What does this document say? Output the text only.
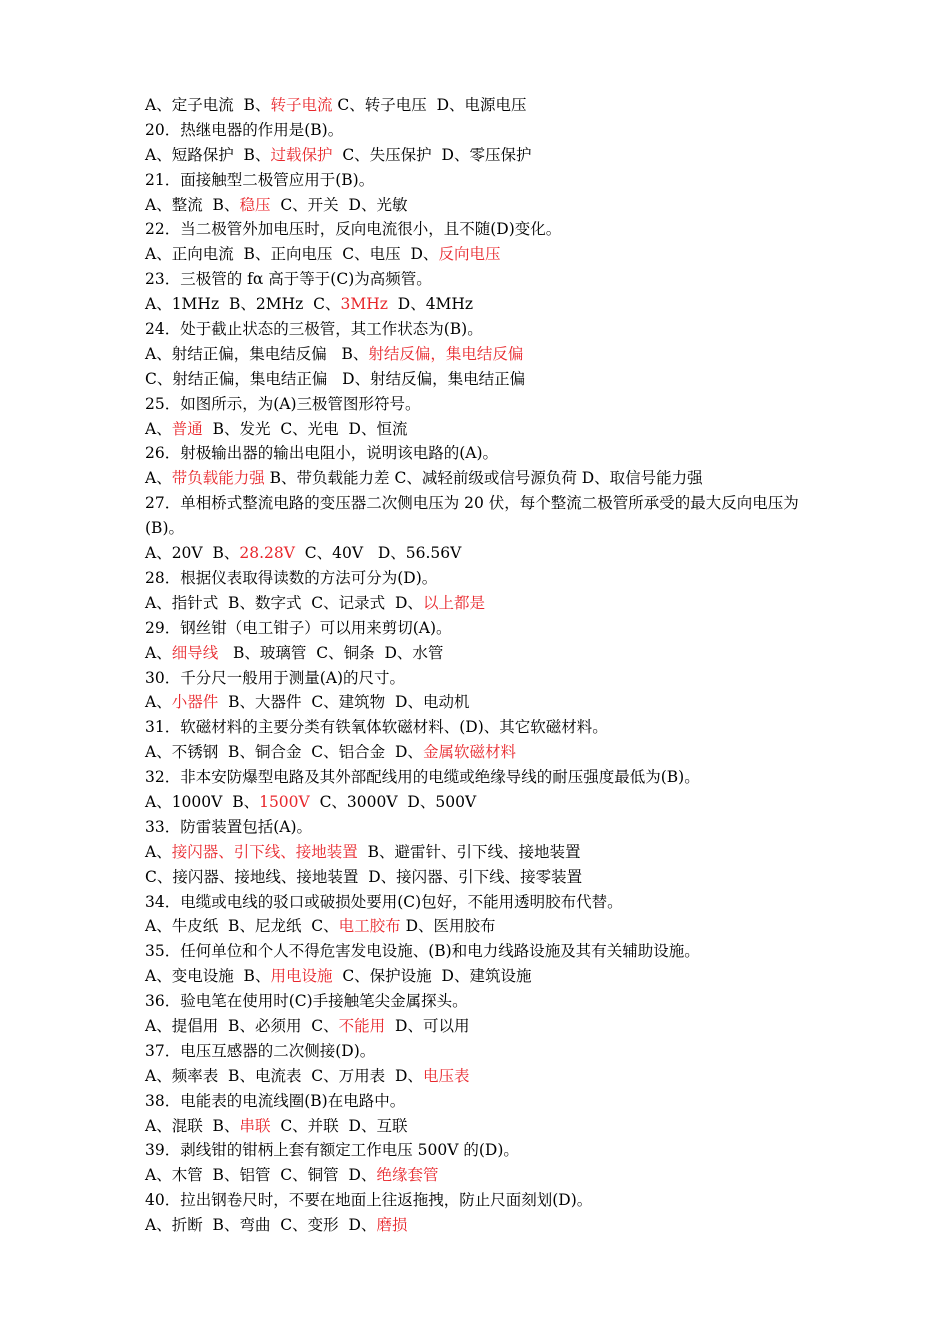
A、定子电流  B、转子电流 C、转子电压  D、电源电压
20．热继电器的作用是(B)。
A、短路保护  B、过载保护  C、失压保护  D、零压保护
21．面接触型二极管应用于(B)。
A、整流  B、稳压  C、开关  D、光敏
22．当二极管外加电压时，反向电流很小，且不随(D)变化。
A、正向电流  B、正向电压  C、电压  D、反向电压
23．三极管的 fα 高于等于(C)为高频管。
A、1MHz  B、2MHz  C、3MHz  D、4MHz
24．处于截止状态的三极管，其工作状态为(B)。
A、射结正偏，集电结反偏   B、射结反偏，集电结反偏
C、射结正偏，集电结正偏   D、射结反偏，集电结正偏
25．如图所示，为(A)三极管图形符号。
A、普通  B、发光  C、光电  D、恒流
26．射极输出器的输出电阻小，说明该电路的(A)。
A、带负载能力强 B、带负载能力差 C、减轻前级或信号源负荷 D、取信号能力强
27．单相桥式整流电路的变压器二次侧电压为 20 伏，每个整流二极管所承受的最大反向电压为(B)。
A、20V  B、28.28V  C、40V   D、56.56V
28．根据仪表取得读数的方法可分为(D)。
A、指针式  B、数字式  C、记录式  D、以上都是
29．钢丝钳（电工钳子）可以用来剪切(A)。
A、细导线   B、玻璃管  C、铜条  D、水管
30．千分尺一般用于测量(A)的尺寸。
A、小器件  B、大器件  C、建筑物  D、电动机
31．软磁材料的主要分类有铁氧体软磁材料、(D)、其它软磁材料。
A、不锈钢  B、铜合金  C、铝合金  D、金属软磁材料
32．非本安防爆型电路及其外部配线用的电缆或绝缘导线的耐压强度最低为(B)。
A、1000V  B、1500V  C、3000V  D、500V
33．防雷装置包括(A)。
A、接闪器、引下线、接地装置  B、避雷针、引下线、接地装置
C、接闪器、接地线、接地装置  D、接闪器、引下线、接零装置
34．电缆或电线的驳口或破损处要用(C)包好，不能用透明胶布代替。
A、牛皮纸  B、尼龙纸  C、电工胶布 D、医用胶布
35．任何单位和个人不得危害发电设施、(B)和电力线路设施及其有关辅助设施。
A、变电设施  B、用电设施  C、保护设施  D、建筑设施
36．验电笔在使用时(C)手接触笔尖金属探头。
A、提倡用  B、必须用  C、不能用  D、可以用
37．电压互感器的二次侧接(D)。
A、频率表  B、电流表  C、万用表  D、电压表
38．电能表的电流线圈(B)在电路中。
A、混联  B、串联  C、并联  D、互联
39．剥线钳的钳柄上套有额定工作电压 500V 的(D)。
A、木管  B、铝管  C、铜管  D、绝缘套管
40．拉出钢卷尺时，不要在地面上往返拖拽，防止尺面刻划(D)。
A、折断  B、弯曲  C、变形  D、磨损
